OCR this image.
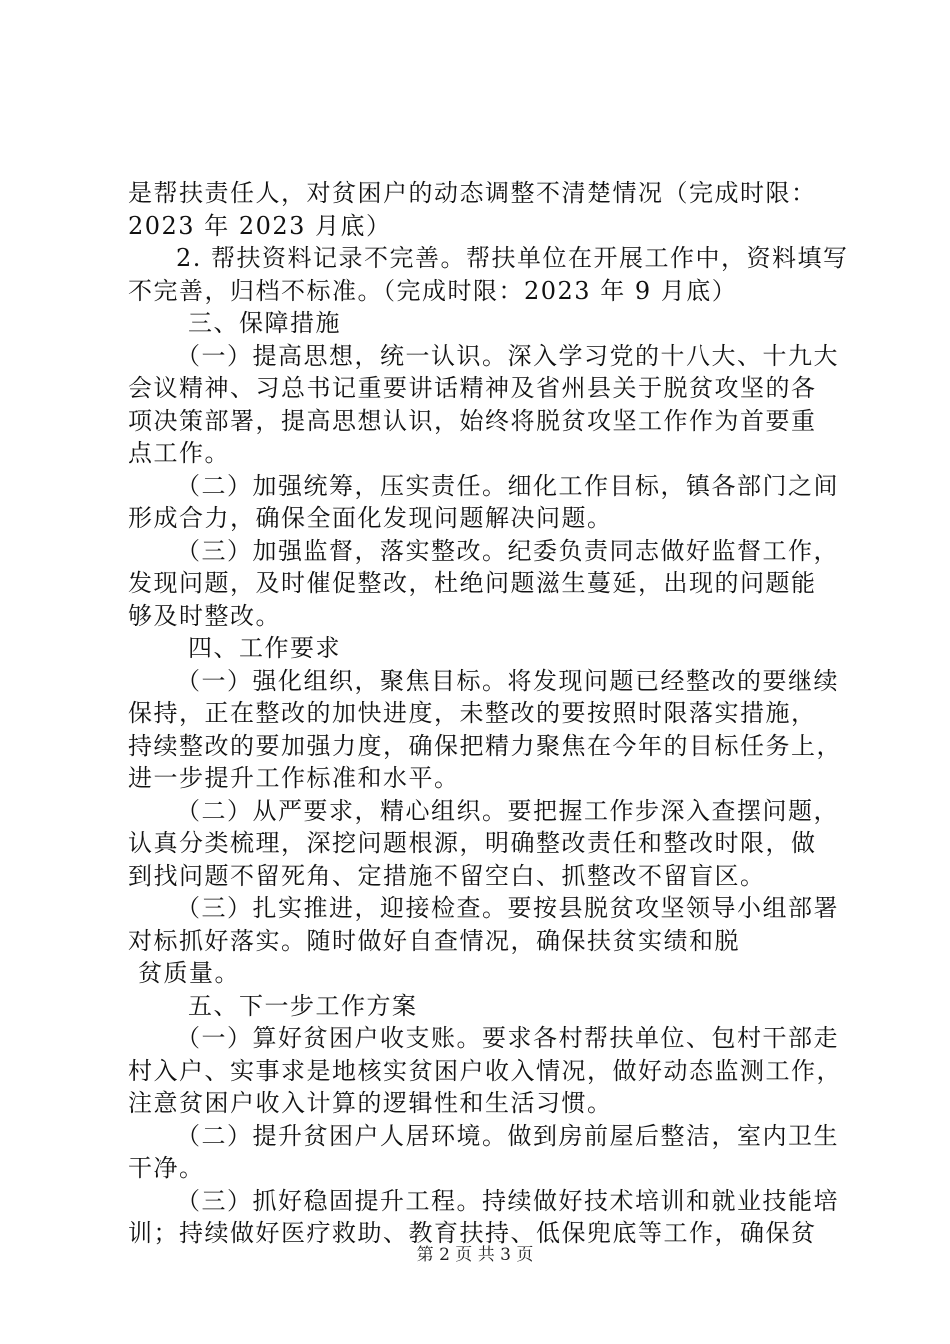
是帮扶责任人，对贫困户的动态调整不清楚情况（完成时限：
2023 年 2023 月底）
2. 帮扶资料记录不完善。帮扶单位在开展工作中，资料填写
不完善，归档不标准。（完成时限：2023 年 9 月底）
三、保障措施
（一）提高思想，统一认识。深入学习党的十八大、十九大
会议精神、习总书记重要讲话精神及省州县关于脱贫攻坚的各
项决策部署，提高思想认识，始终将脱贫攻坚工作作为首要重
点工作。
（二）加强统筹，压实责任。细化工作目标，镇各部门之间
形成合力，确保全面化发现问题解决问题。
（三）加强监督，落实整改。纪委负责同志做好监督工作，
发现问题，及时催促整改，杜绝问题滋生蔓延，出现的问题能
够及时整改。
四、工作要求
（一）强化组织，聚焦目标。将发现问题已经整改的要继续
保持，正在整改的加快进度，未整改的要按照时限落实措施，
持续整改的要加强力度，确保把精力聚焦在今年的目标任务上，
进一步提升工作标准和水平。
（二）从严要求，精心组织。要把握工作步深入查摆问题，
认真分类梳理，深挖问题根源，明确整改责任和整改时限，做
到找问题不留死角、定措施不留空白、抓整改不留盲区。
（三）扎实推进，迎接检查。要按县脱贫攻坚领导小组部署
对标抓好落实。随时做好自查情况，确保扶贫实绩和脱
贫质量。
五、下一步工作方案
（一）算好贫困户收支账。要求各村帮扶单位、包村干部走
村入户、实事求是地核实贫困户收入情况，做好动态监测工作，
注意贫困户收入计算的逻辑性和生活习惯。
（二）提升贫困户人居环境。做到房前屋后整洁，室内卫生
干净。
（三）抓好稳固提升工程。持续做好技术培训和就业技能培
训；持续做好医疗救助、教育扶持、低保兜底等工作，确保贫
第 2 页 共 3 页
